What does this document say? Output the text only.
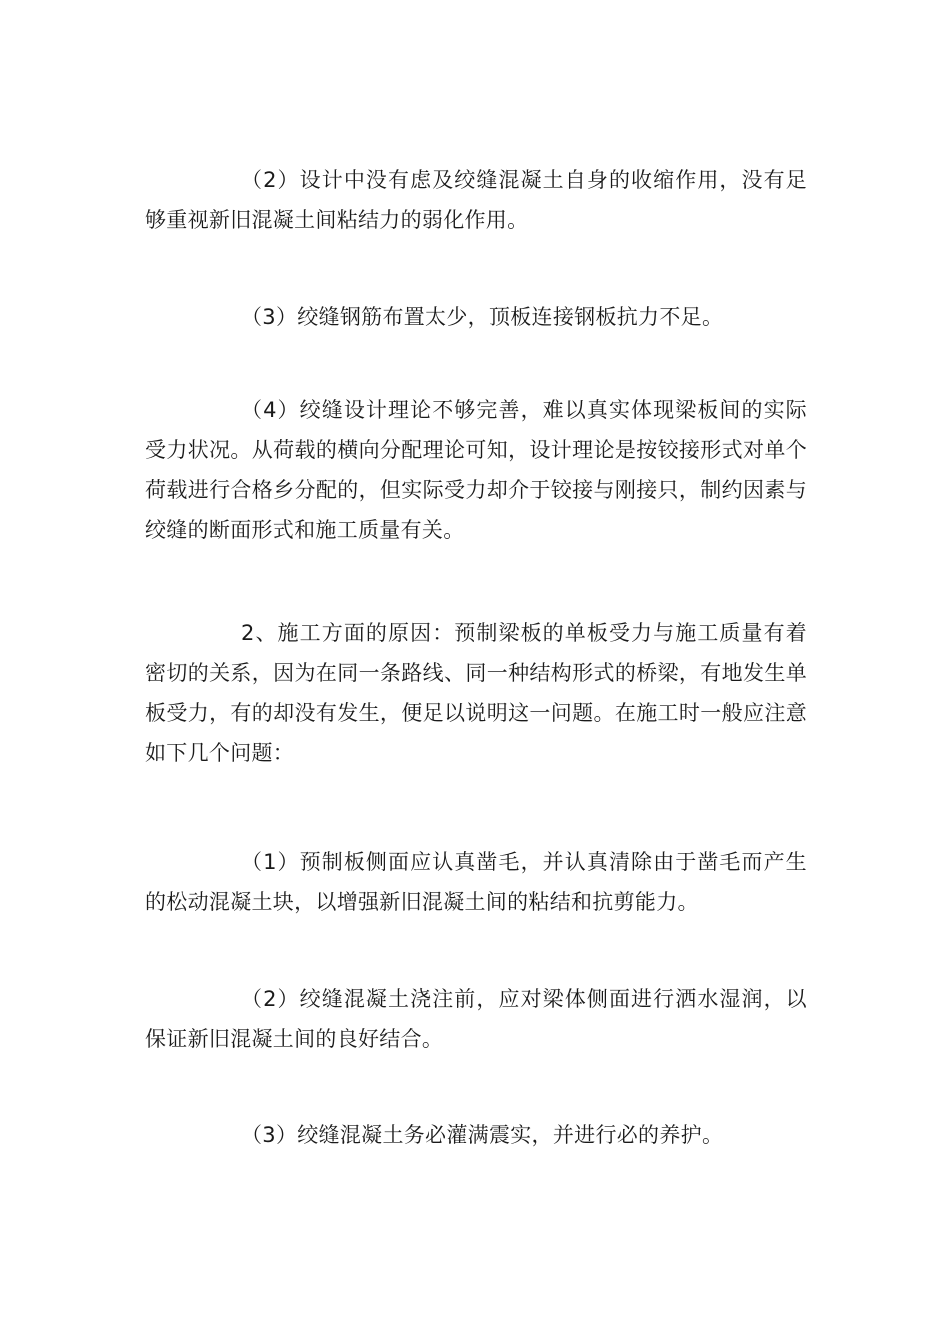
（2）设计中没有虑及绞缝混凝土自身的收缩作用，没有足够重视新旧混凝土间粘结力的弱化作用。

（3）绞缝钢筋布置太少，顶板连接钢板抗力不足。

（4）绞缝设计理论不够完善，难以真实体现梁板间的实际受力状况。从荷载的横向分配理论可知，设计理论是按铰接形式对单个荷载进行合格乡分配的，但实际受力却介于铰接与刚接只，制约因素与绞缝的断面形式和施工质量有关。

2、施工方面的原因：预制梁板的单板受力与施工质量有着密切的关系，因为在同一条路线、同一种结构形式的桥梁，有地发生单板受力，有的却没有发生，便足以说明这一问题。在施工时一般应注意如下几个问题：

（1）预制板侧面应认真凿毛，并认真清除由于凿毛而产生的松动混凝土块，以增强新旧混凝土间的粘结和抗剪能力。

（2）绞缝混凝土浇注前，应对梁体侧面进行洒水湿润，以保证新旧混凝土间的良好结合。

（3）绞缝混凝土务必灌满震实，并进行必的养护。
